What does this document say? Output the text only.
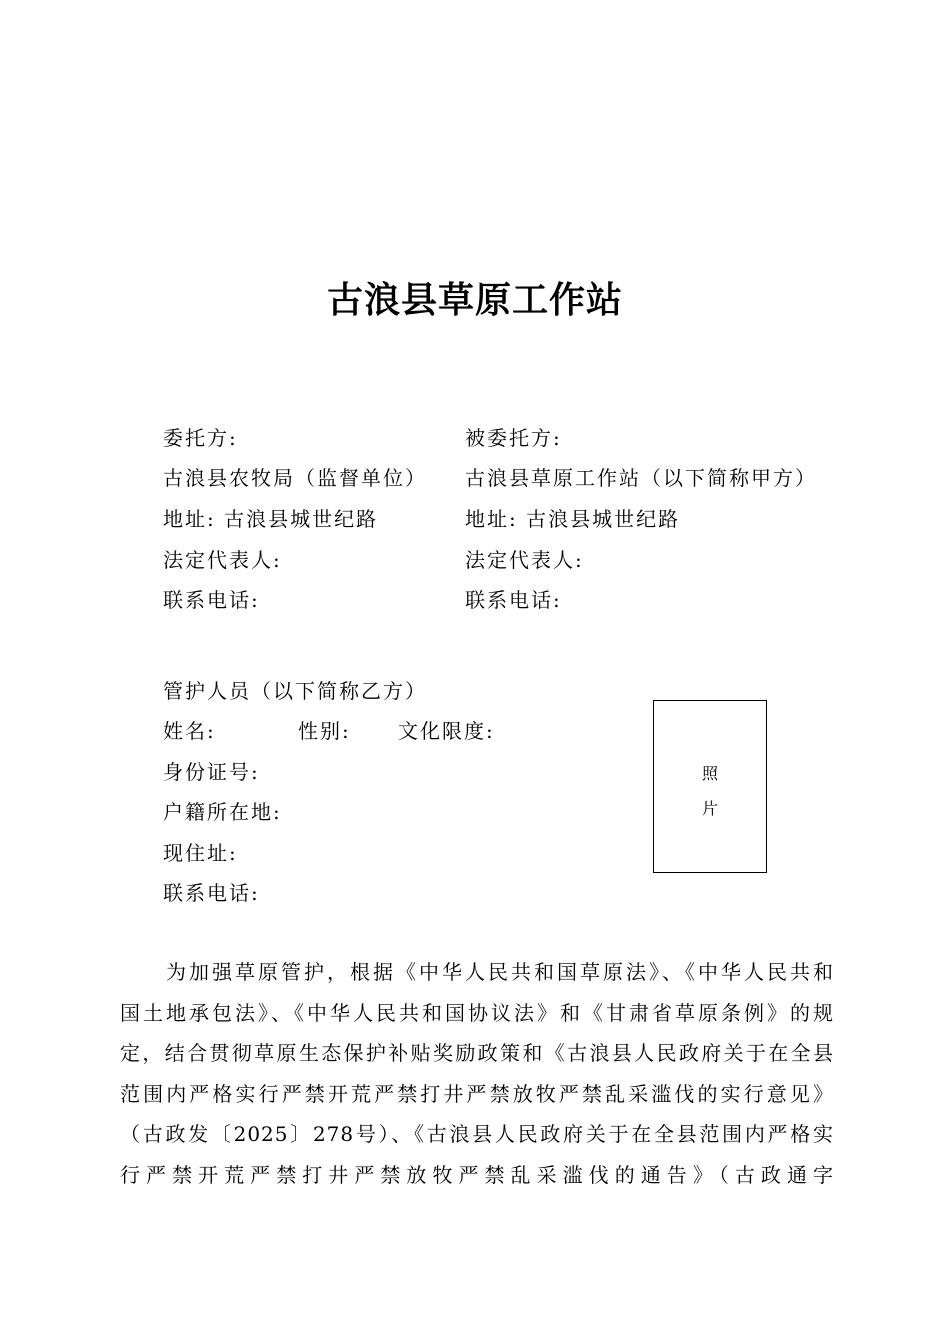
古浪县草原工作站
委托方:
古浪县农牧局（监督单位）
地址: 古浪县城世纪路
法定代表人:
联系电话:
被委托方:
古浪县草原工作站（以下简称甲方）
地址: 古浪县城世纪路
法定代表人:
联系电话:
管护人员（以下简称乙方）
姓名:	性别: 文化限度:
身份证号:
户籍所在地:
现住址:
联系电话:
照
片
　　为加强草原管护，根据《中华人民共和国草原法》、《中华人民共和
国土地承包法》、《中华人民共和国协议法》和《甘肃省草原条例》的规
定，结合贯彻草原生态保护补贴奖励政策和《古浪县人民政府关于在全县
范围内严格实行严禁开荒严禁打井严禁放牧严禁乱采滥伐的实行意见》
（古政发〔2025〕278号）、《古浪县人民政府关于在全县范围内严格实
行严禁开荒严禁打井严禁放牧严禁乱采滥伐的通告》（古政通字
